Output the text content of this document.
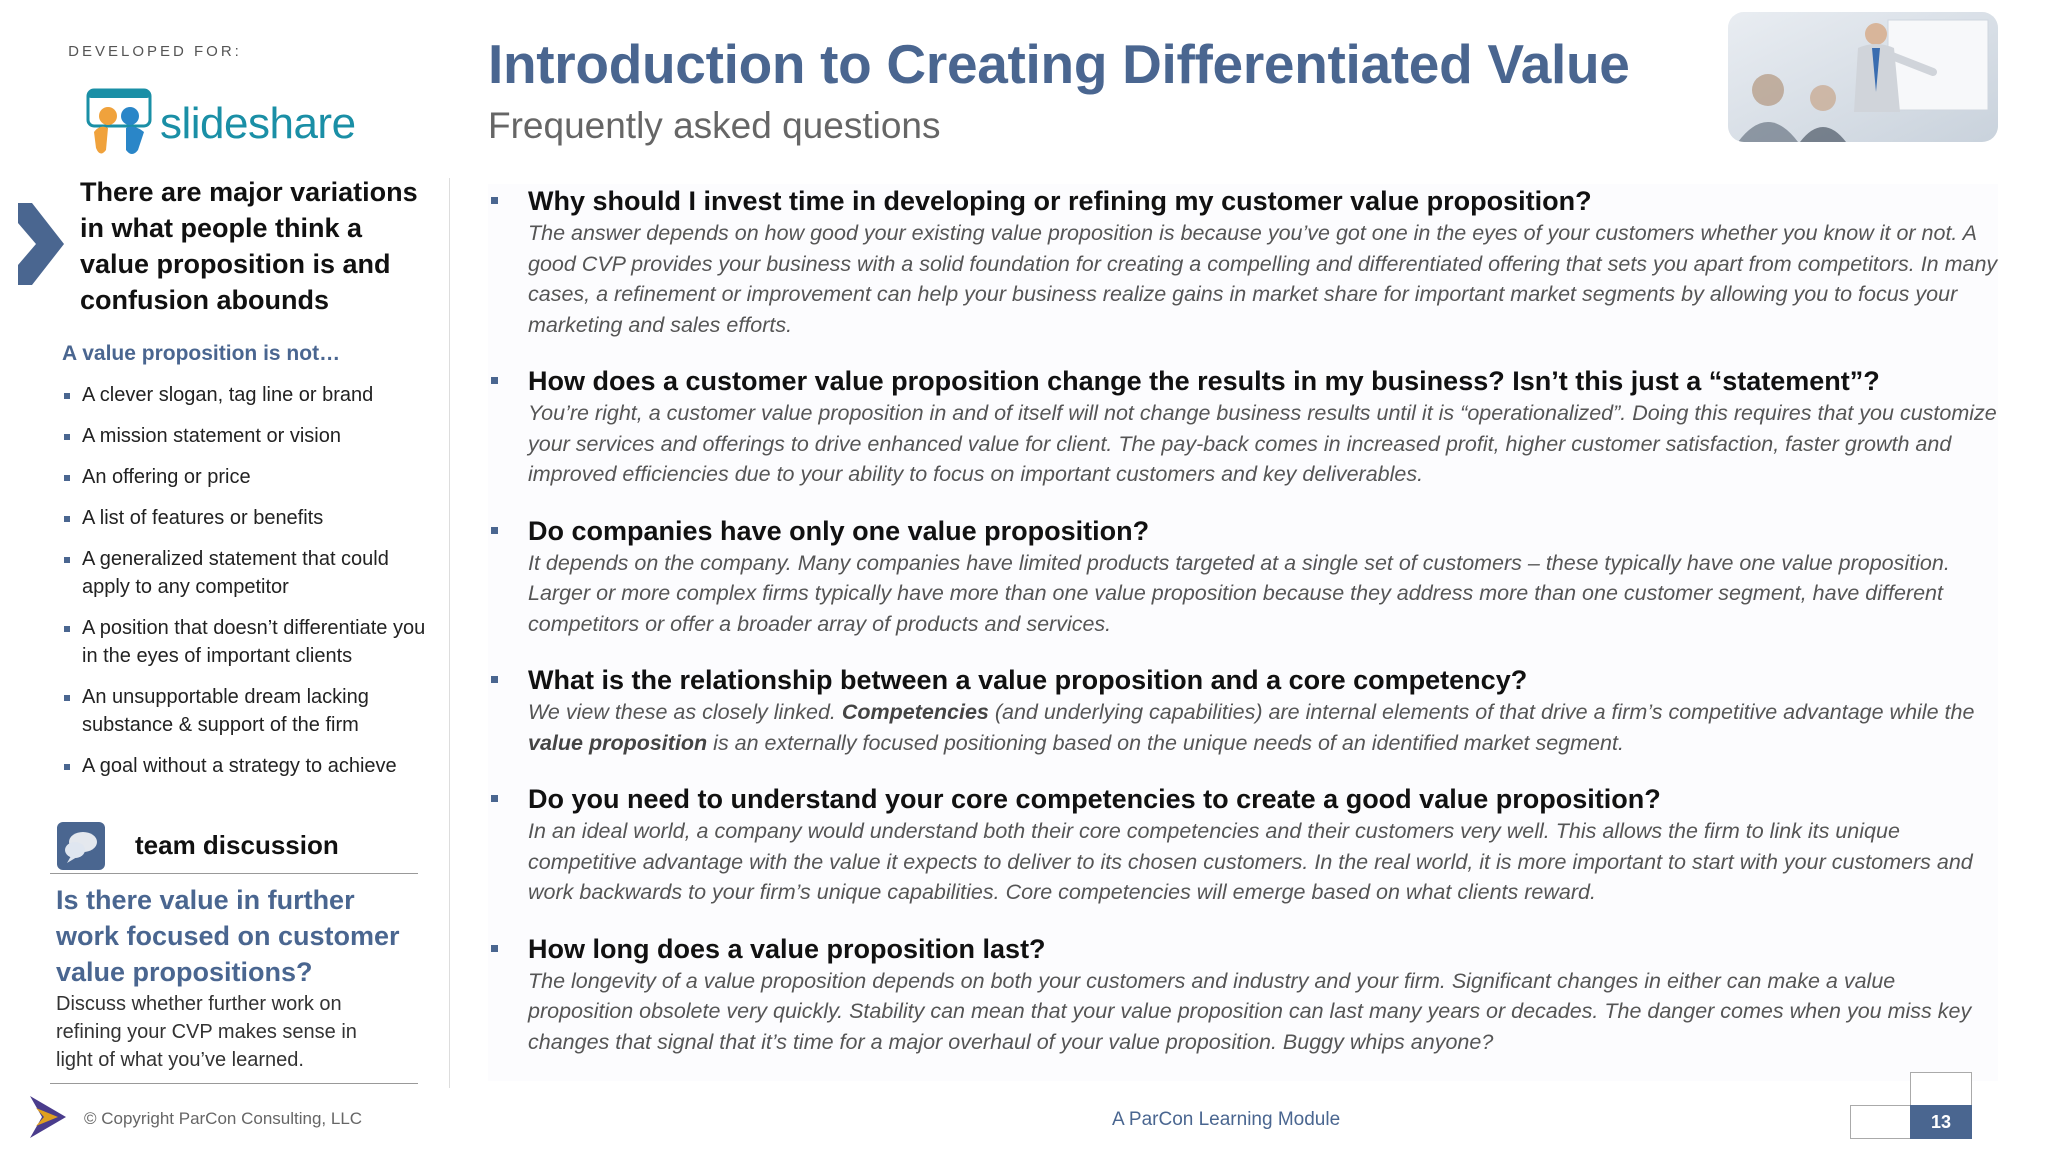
DEVELOPED FOR:
slideshare
There are major variations in what people think a value proposition is and confusion abounds
A value proposition is not…
A clever slogan, tag line or brand
A mission statement or vision
An offering or price
A list of features or benefits
A generalized statement that could apply to any competitor
A position that doesn’t differentiate you in the eyes of important clients
An unsupportable dream lacking substance & support of the firm
A goal without a strategy to achieve
team discussion
Is there value in further work focused on customer value propositions?
Discuss whether further work on refining your CVP makes sense in light of what you’ve learned.
Introduction to Creating Differentiated Value
Frequently asked questions
Why should I invest time in developing or refining my customer value proposition?
The answer depends on how good your existing value proposition is because you’ve got one in the eyes of your customers whether you know it or not. A good CVP provides your business with a solid foundation for creating a compelling and differentiated offering that sets you apart from competitors. In many cases, a refinement or improvement can help your business realize gains in market share for important market segments by allowing you to focus your marketing and sales efforts.
How does a customer value proposition change the results in my business? Isn’t this just a “statement”?
You’re right, a customer value proposition in and of itself will not change business results until it is “operationalized”. Doing this requires that you customize your services and offerings to drive enhanced value for client. The pay-back comes in increased profit, higher customer satisfaction, faster growth and improved efficiencies due to your ability to focus on important customers and key deliverables.
Do companies have only one value proposition?
It depends on the company. Many companies have limited products targeted at a single set of customers – these typically have one value proposition. Larger or more complex firms typically have more than one value proposition because they address more than one customer segment, have different competitors or offer a broader array of products and services.
What is the relationship between a value proposition and a core competency?
We view these as closely linked. Competencies (and underlying capabilities) are internal elements of that drive a firm’s competitive advantage while the value proposition is an externally focused positioning based on the unique needs of an identified market segment.
Do you need to understand your core competencies to create a good value proposition?
In an ideal world, a company would understand both their core competencies and their customers very well. This allows the firm to link its unique competitive advantage with the value it expects to deliver to its chosen customers. In the real world, it is more important to start with your customers and work backwards to your firm’s unique capabilities. Core competencies will emerge based on what clients reward.
How long does a value proposition last?
The longevity of a value proposition depends on both your customers and industry and your firm. Significant changes in either can make a value proposition obsolete very quickly. Stability can mean that your value proposition can last many years or decades. The danger comes when you miss key changes that signal that it’s time for a major overhaul of your value proposition. Buggy whips anyone?
© Copyright ParCon Consulting, LLC	A ParCon Learning Module	13
